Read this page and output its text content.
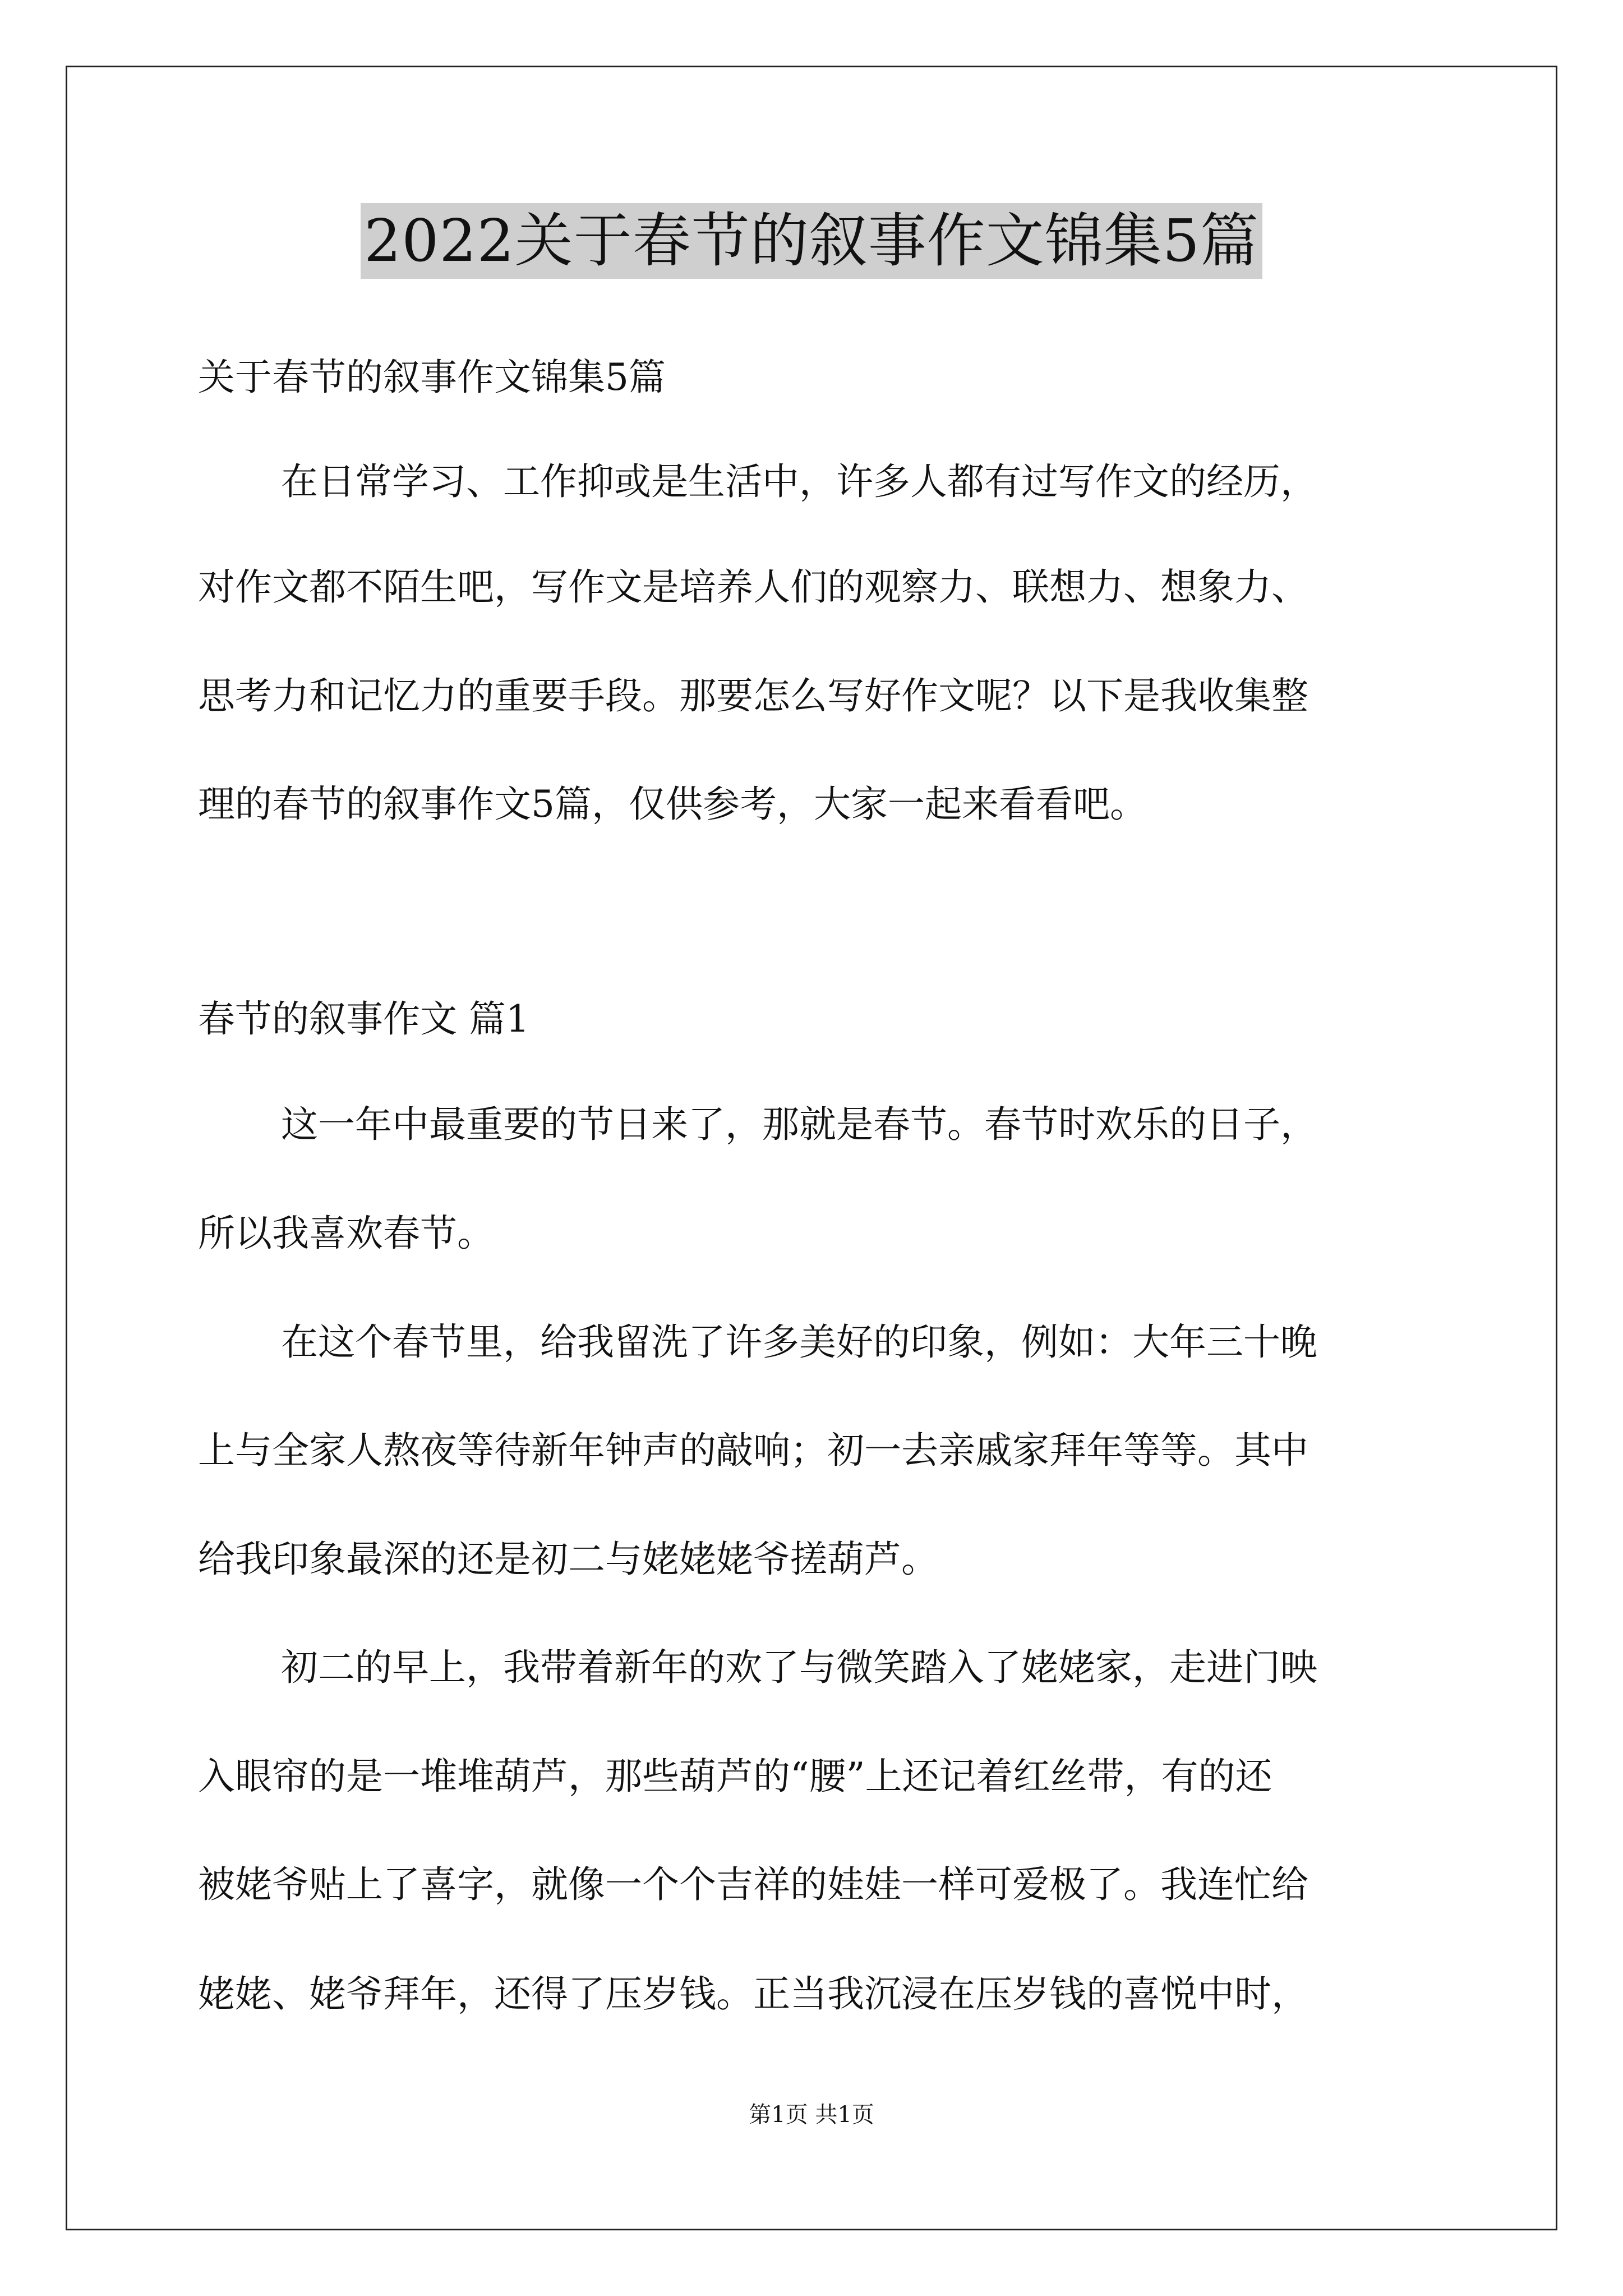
2022关于春节的叙事作文锦集5篇
关于春节的叙事作文锦集5篇
在日常学习、工作抑或是生活中，许多人都有过写作文的经历，
对作文都不陌生吧，写作文是培养人们的观察力、联想力、想象力、
思考力和记忆力的重要手段。那要怎么写好作文呢？以下是我收集整
理的春节的叙事作文5篇，仅供参考，大家一起来看看吧。
春节的叙事作文 篇1
这一年中最重要的节日来了，那就是春节。春节时欢乐的日子，
所以我喜欢春节。
在这个春节里，给我留洗了许多美好的印象，例如：大年三十晚
上与全家人熬夜等待新年钟声的敲响；初一去亲戚家拜年等等。其中
给我印象最深的还是初二与姥姥姥爷搓葫芦。
初二的早上，我带着新年的欢了与微笑踏入了姥姥家，走进门映
入眼帘的是一堆堆葫芦，那些葫芦的“腰”上还记着红丝带，有的还
被姥爷贴上了喜字，就像一个个吉祥的娃娃一样可爱极了。我连忙给
姥姥、姥爷拜年，还得了压岁钱。正当我沉浸在压岁钱的喜悦中时，
第1页 共1页
